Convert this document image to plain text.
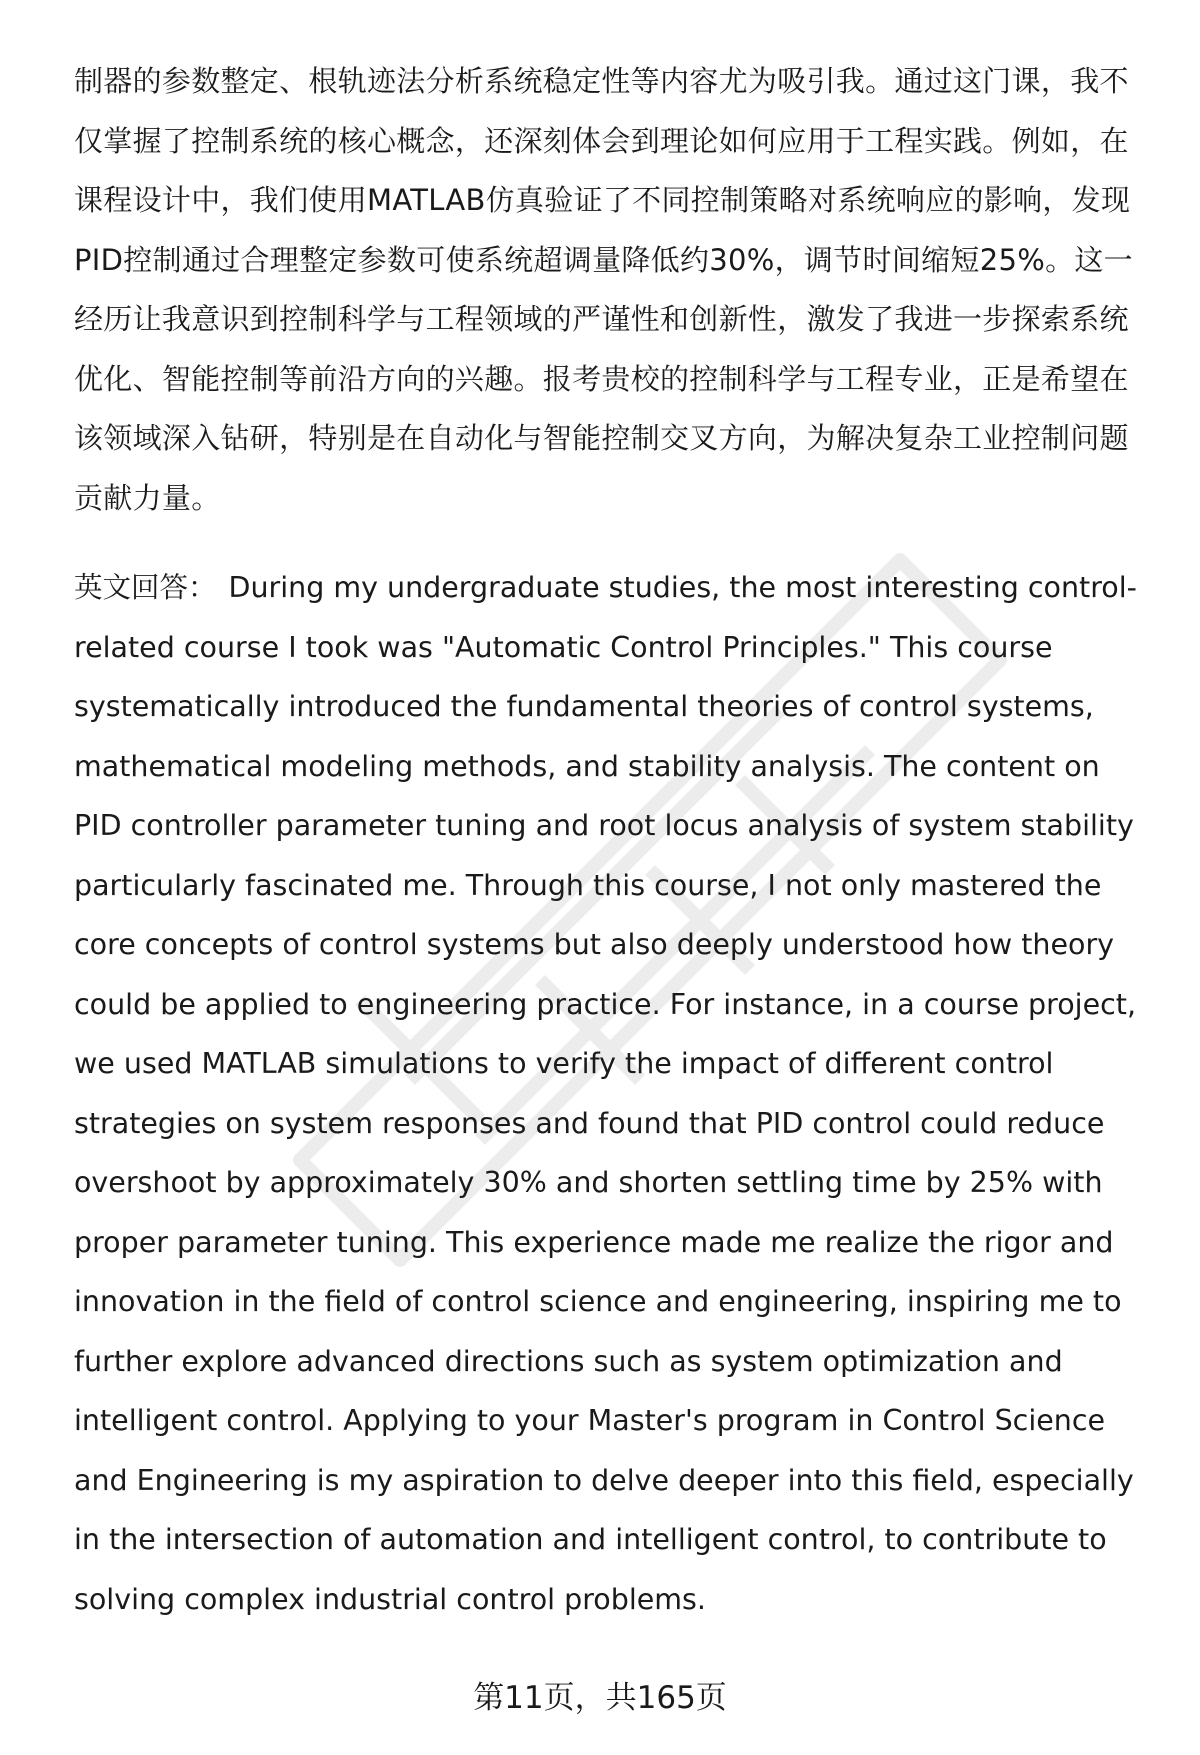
制器的参数整定、根轨迹法分析系统稳定性等内容尤为吸引我。通过这门课，我不仅掌握了控制系统的核心概念，还深刻体会到理论如何应用于工程实践。例如，在课程设计中，我们使用MATLAB仿真验证了不同控制策略对系统响应的影响，发现PID控制通过合理整定参数可使系统超调量降低约30%，调节时间缩短25%。这一经历让我意识到控制科学与工程领域的严谨性和创新性，激发了我进一步探索系统优化、智能控制等前沿方向的兴趣。报考贵校的控制科学与工程专业，正是希望在该领域深入钻研，特别是在自动化与智能控制交叉方向，为解决复杂工业控制问题贡献力量。

英文回答： During my undergraduate studies, the most interesting control-related course I took was "Automatic Control Principles." This course systematically introduced the fundamental theories of control systems, mathematical modeling methods, and stability analysis. The content on PID controller parameter tuning and root locus analysis of system stability particularly fascinated me. Through this course, I not only mastered the core concepts of control systems but also deeply understood how theory could be applied to engineering practice. For instance, in a course project, we used MATLAB simulations to verify the impact of different control strategies on system responses and found that PID control could reduce overshoot by approximately 30% and shorten settling time by 25% with proper parameter tuning. This experience made me realize the rigor and innovation in the field of control science and engineering, inspiring me to further explore advanced directions such as system optimization and intelligent control. Applying to your Master's program in Control Science and Engineering is my aspiration to delve deeper into this field, especially in the intersection of automation and intelligent control, to contribute to solving complex industrial control problems.

第11页，共165页
